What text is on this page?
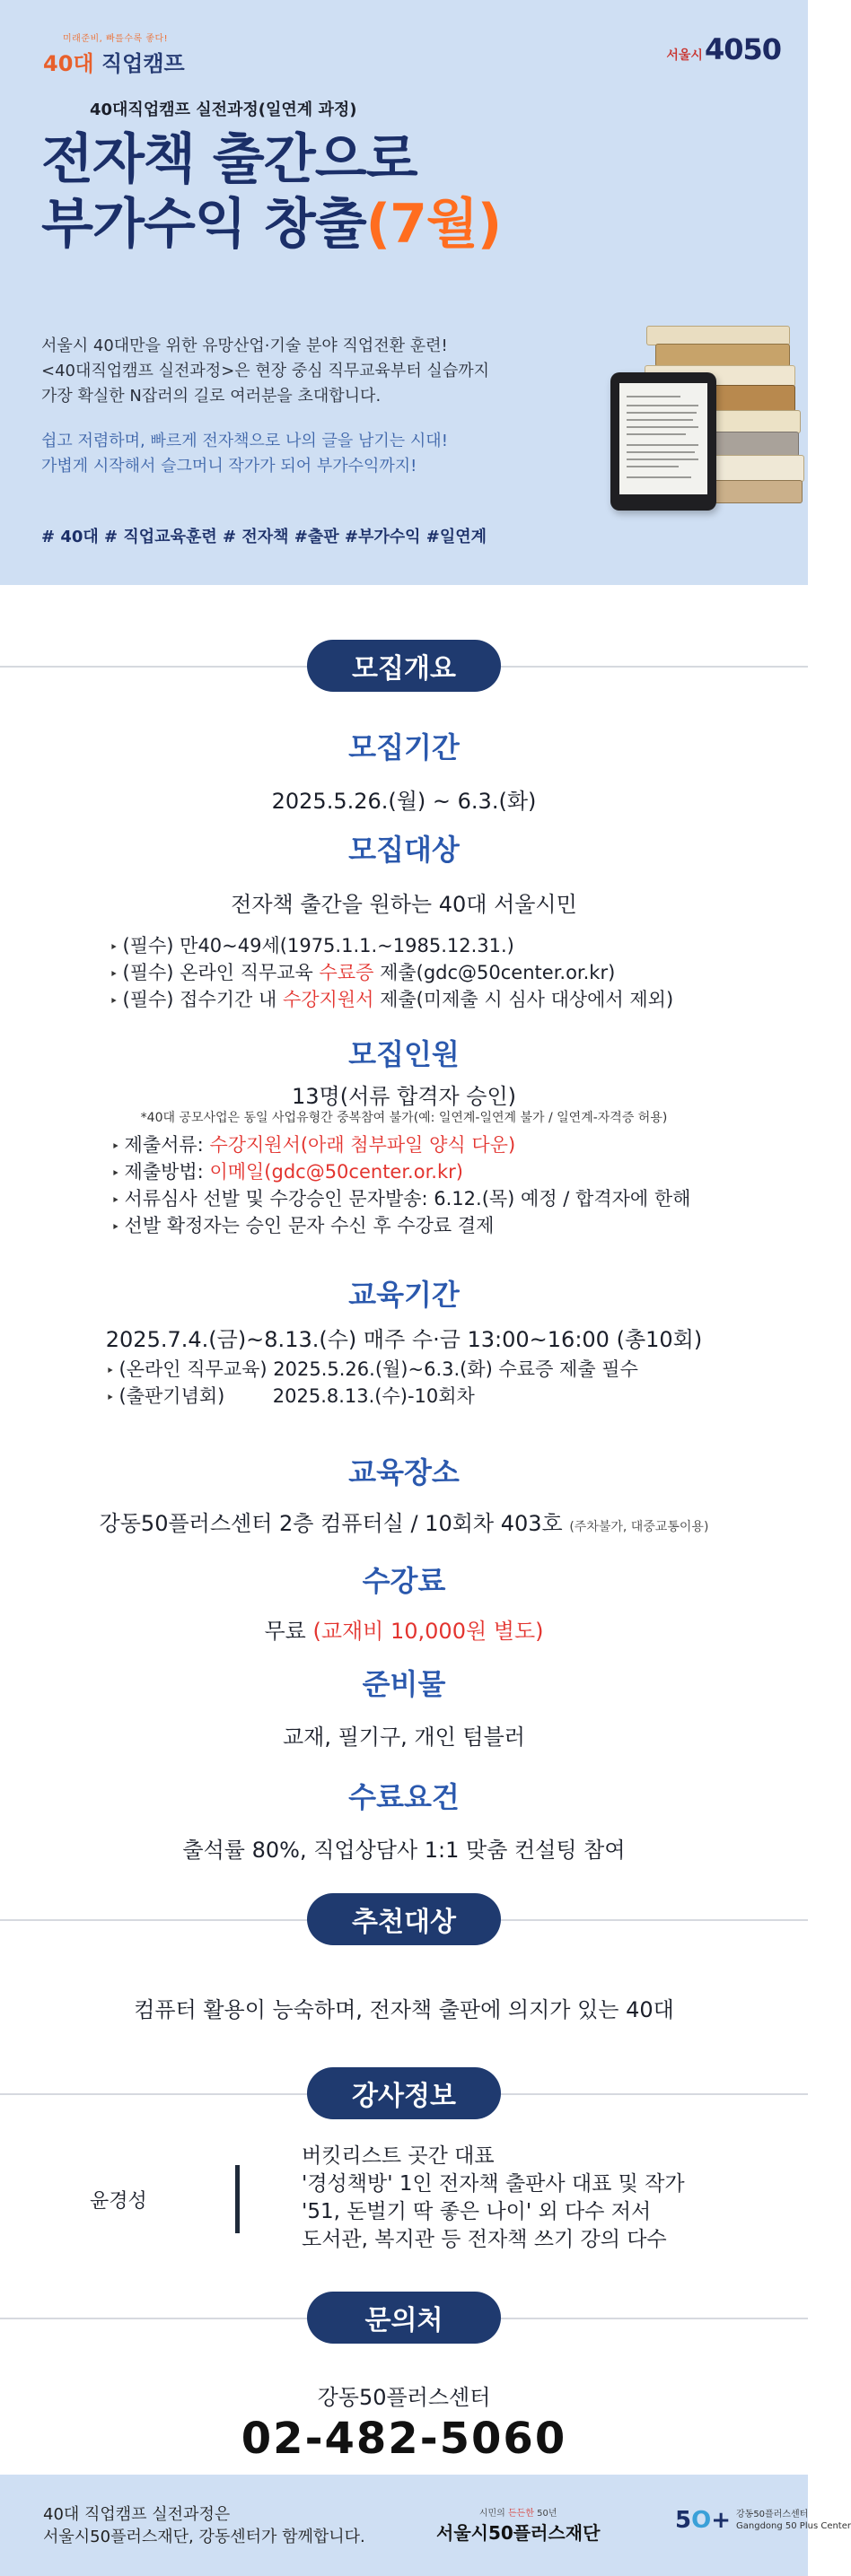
미래준비, 빠를수록 좋다!
40대 직업캠프	서울시4050
40대직업캠프 실전과정(일연계 과정)
전자책 출간으로
부가수익 창출(7월)

서울시 40대만을 위한 유망산업·기술 분야 직업전환 훈련!

<40대직업캠프 실전과정>은 현장 중심 직무교육부터 실습까지

가장 확실한 N잡러의 길로 여러분을 초대합니다.

쉽고 저렴하며, 빠르게 전자책으로 나의 글을 남기는 시대!

가볍게 시작해서 슬그머니 작가가 되어 부가수익까지!

# 40대 # 직업교육훈련 # 전자책 #출판 #부가수익 #일연계
모집개요
모집기간
2025.5.26.(월) ~ 6.3.(화)
모집대상
전자책 출간을 원하는 40대 서울시민
‣ (필수) 만40~49세(1975.1.1.~1985.12.31.)
‣ (필수) 온라인 직무교육 수료증 제출(gdc@50center.or.kr)
‣ (필수) 접수기간 내 수강지원서 제출(미제출 시 심사 대상에서 제외)
모집인원
13명(서류 합격자 승인)
*40대 공모사업은 동일 사업유형간 중복참여 불가(예: 일연계-일연계 불가 / 일연계-자격증 허용)
‣ 제출서류: 수강지원서(아래 첨부파일 양식 다운)
‣ 제출방법: 이메일(gdc@50center.or.kr)
‣ 서류심사 선발 및 수강승인 문자발송: 6.12.(목) 예정 / 합격자에 한해
‣ 선발 확정자는 승인 문자 수신 후 수강료 결제
교육기간
2025.7.4.(금)~8.13.(수) 매주 수·금 13:00~16:00 (총10회)
‣ (온라인 직무교육) 2025.5.26.(월)~6.3.(화) 수료증 제출 필수
‣ (출판기념회)        2025.8.13.(수)-10회차
교육장소
강동50플러스센터 2층 컴퓨터실 / 10회차 403호 (주차불가, 대중교통이용)
수강료
무료 (교재비 10,000원 별도)
준비물
교재, 필기구, 개인 텀블러
수료요건
출석률 80%, 직업상담사 1:1 맞춤 컨설팅 참여
추천대상
컴퓨터 활용이 능숙하며, 전자책 출판에 의지가 있는 40대
강사정보
윤경성

버킷리스트 곳간 대표

'경성책방' 1인 전자책 출판사 대표 및 작가

'51, 돈벌기 딱 좋은 나이' 외 다수 저서

도서관, 복지관 등 전자책 쓰기 강의 다수

문의처
강동50플러스센터
02-482-5060

40대 직업캠프 실전과정은

서울시50플러스재단, 강동센터가 함께합니다.

시민의 든든한 50년
서울시50플러스재단	5O+ 강동50플러스센터
Gangdong 50 Plus Center
